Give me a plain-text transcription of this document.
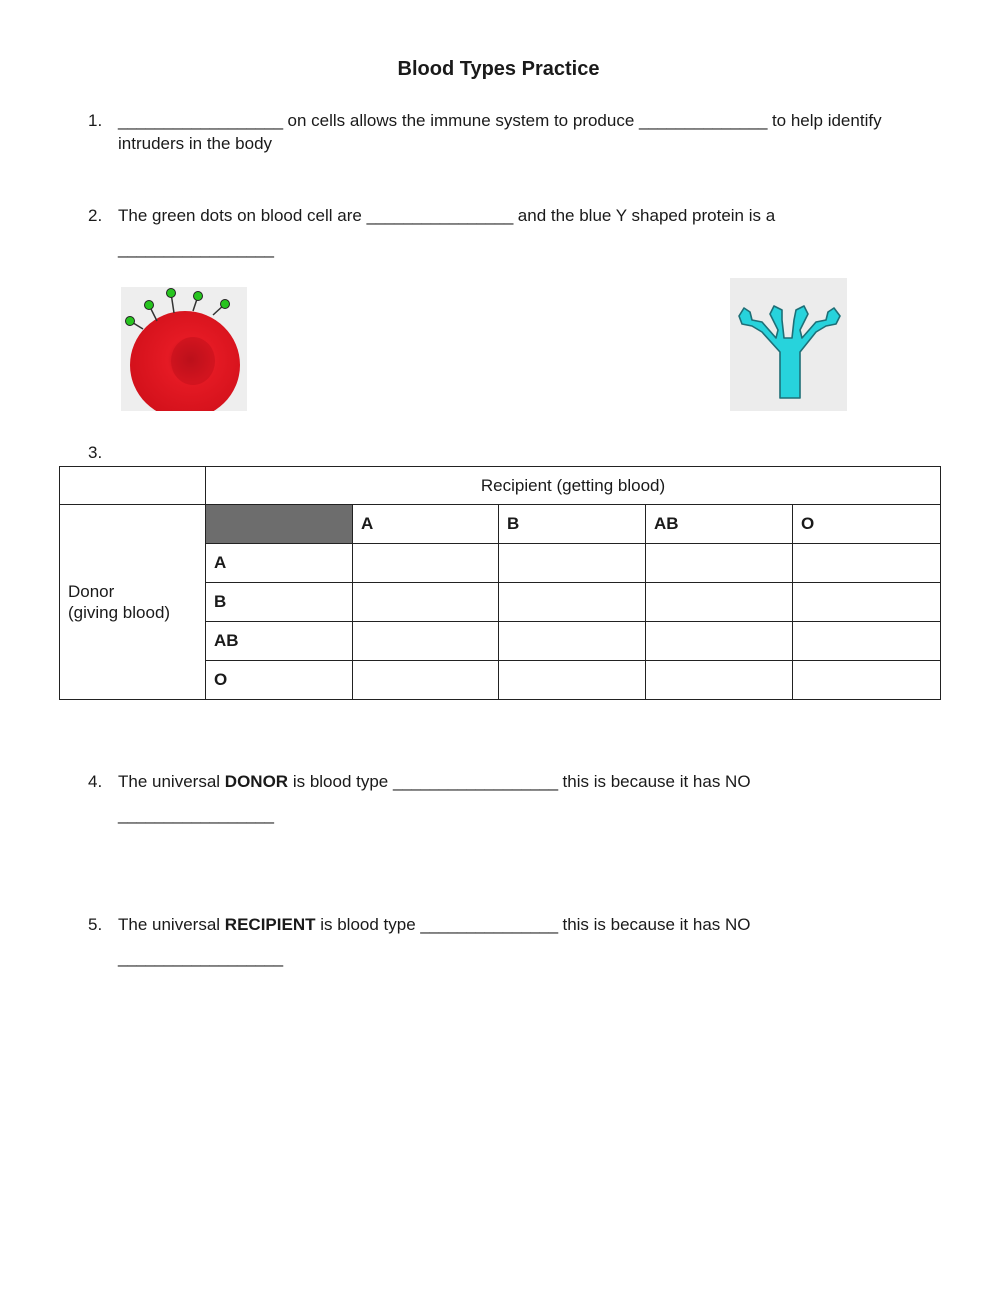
Blood Types Practice
1. __________________ on cells allows the immune system to produce ______________ to help identify intruders in the body
2. The green dots on blood cell are ________________ and the blue Y shaped protein is a _________________
3.
	Recipient (getting blood)				
Donor
(giving blood)		A	B	AB	O
	A				
	B				
	AB				
	O				
4. The universal DONOR is blood type __________________ this is because it has NO _________________
5. The universal RECIPIENT is blood type _______________ this is because it has NO __________________
